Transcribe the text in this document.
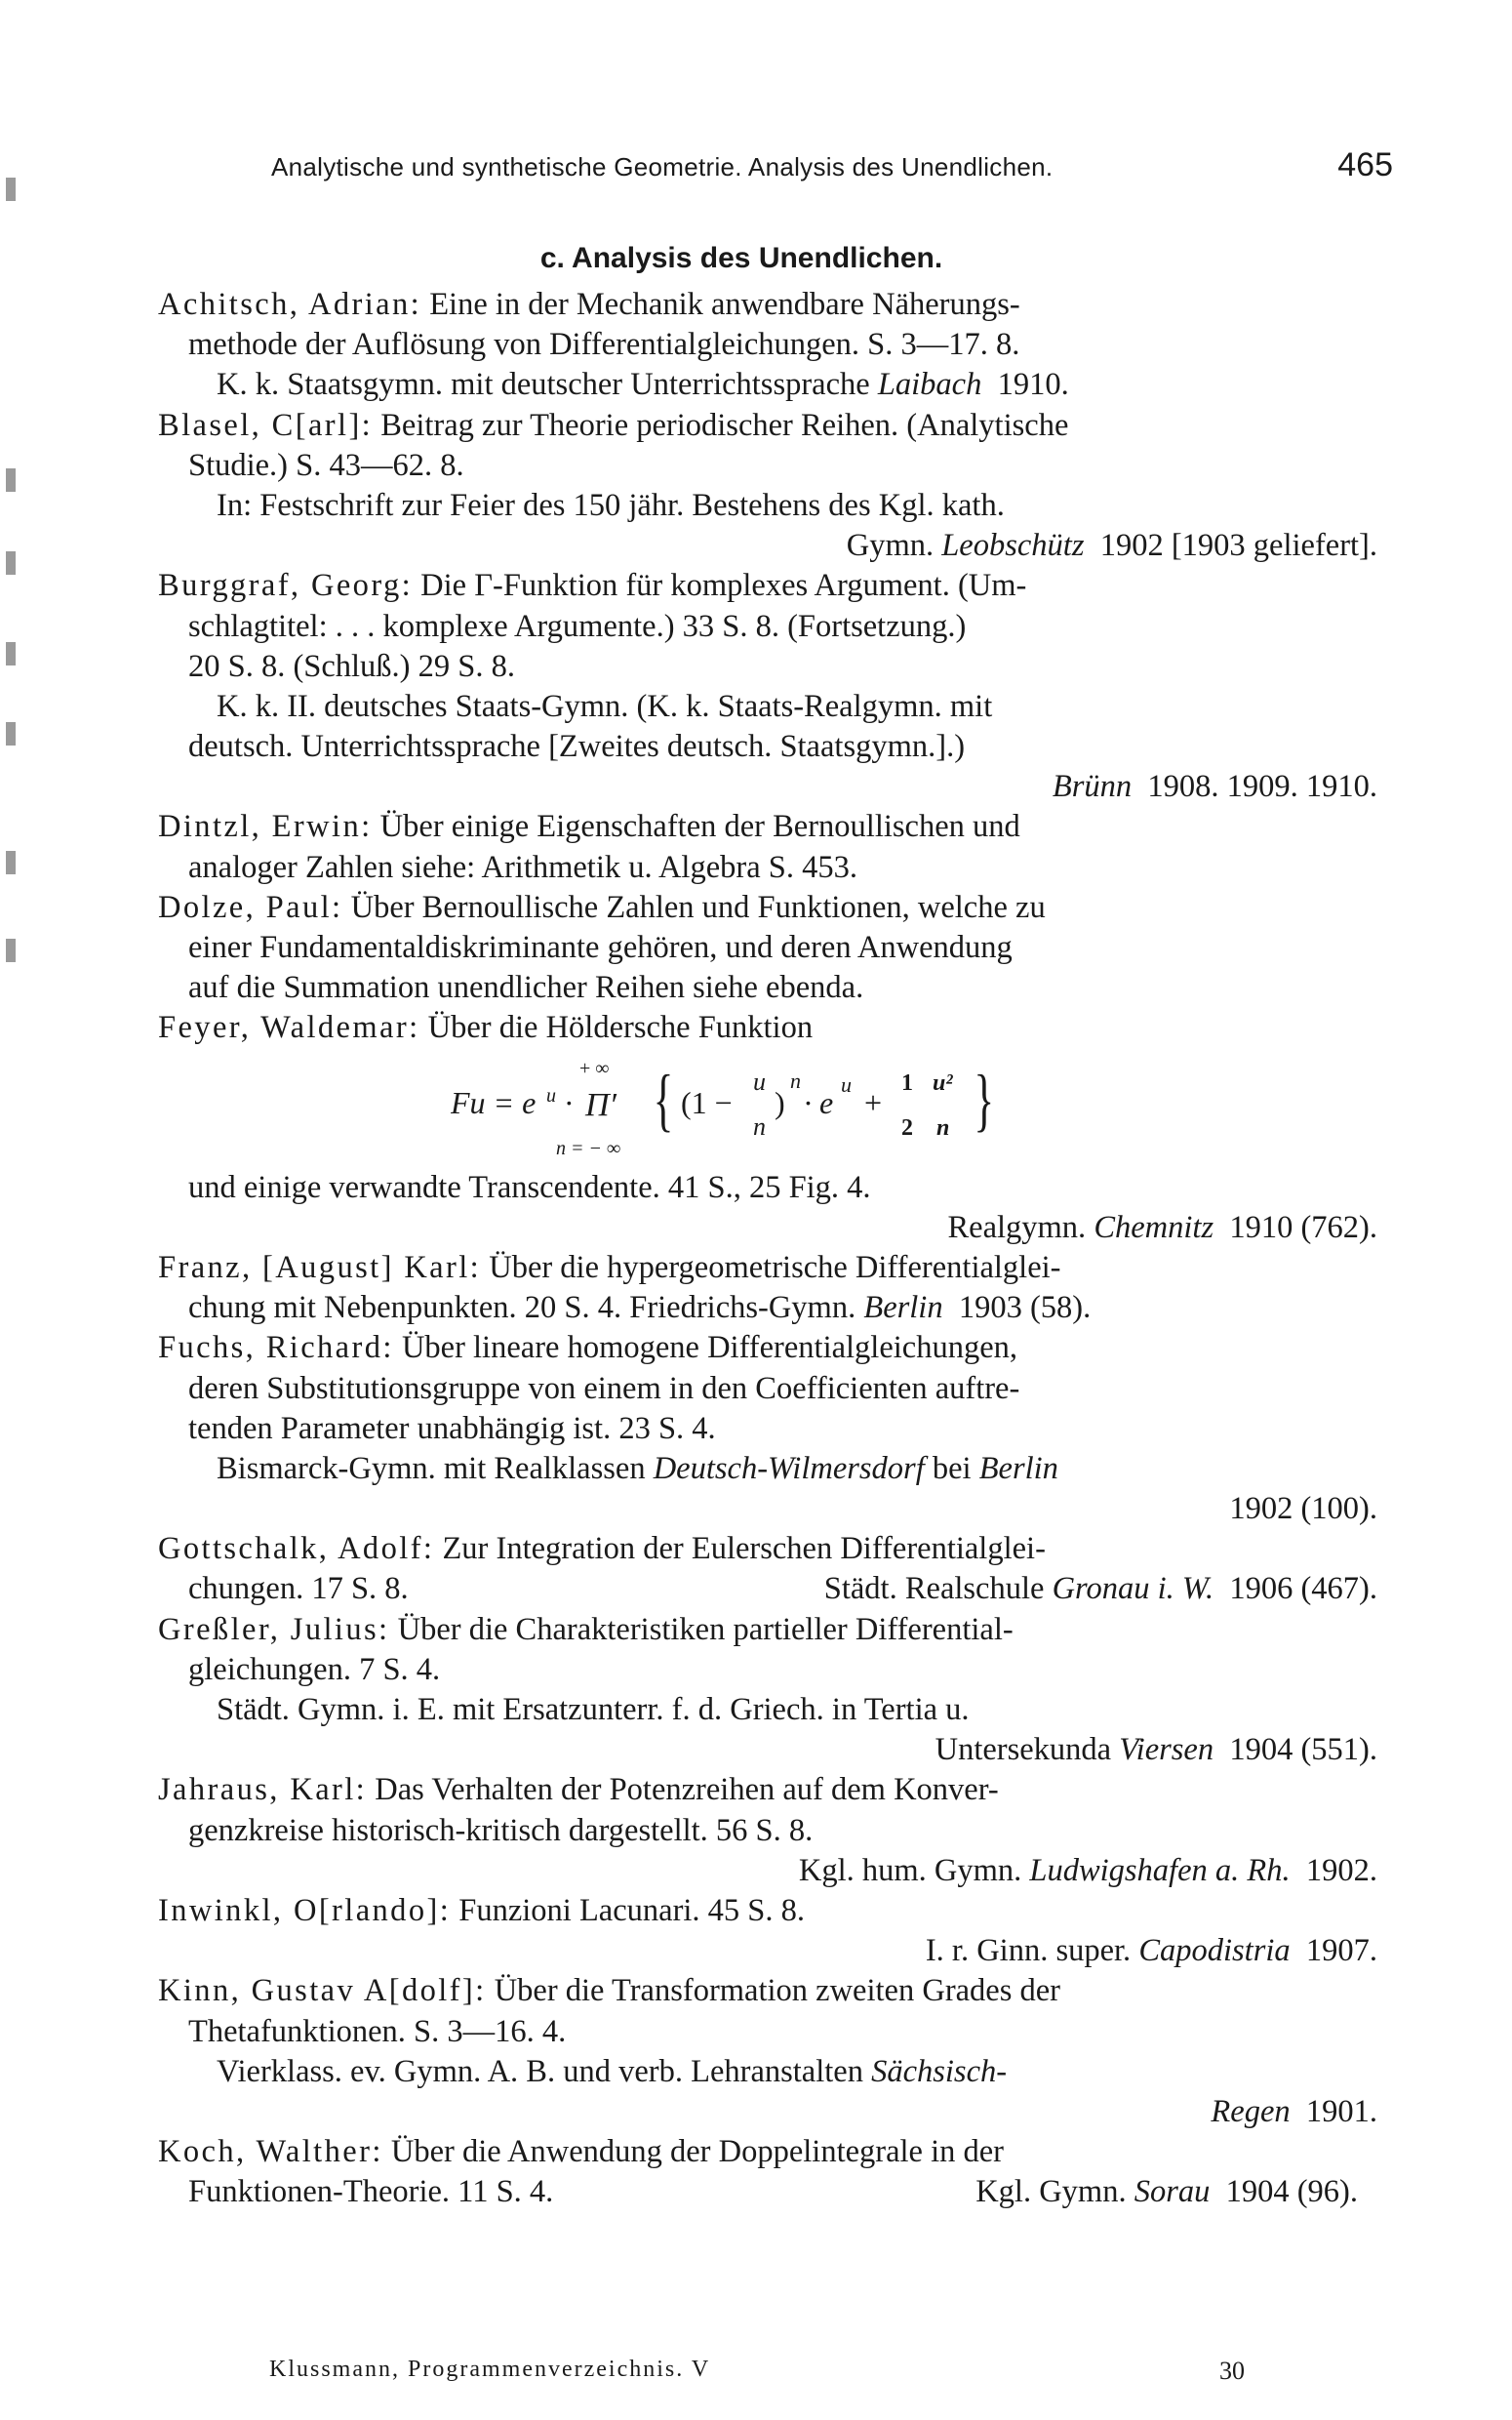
Analytische und synthetische Geometrie. Analysis des Unendlichen.	465
c. Analysis des Unendlichen.
Achitsch, Adrian: Eine in der Mechanik anwendbare Näherungs-
methode der Auflösung von Differentialgleichungen. S. 3—17. 8.
K. k. Staatsgymn. mit deutscher Unterrichtssprache Laibach 1910.
Blasel, C[arl]: Beitrag zur Theorie periodischer Reihen. (Analytische
Studie.) S. 43—62. 8.
In: Festschrift zur Feier des 150 jähr. Bestehens des Kgl. kath.
Gymn. Leobschütz 1902 [1903 geliefert].
Burggraf, Georg: Die Γ-Funktion für komplexes Argument. (Um-
schlagtitel: . . . komplexe Argumente.) 33 S. 8. (Fortsetzung.)
20 S. 8. (Schluß.) 29 S. 8.
K. k. II. deutsches Staats-Gymn. (K. k. Staats-Realgymn. mit
deutsch. Unterrichtssprache [Zweites deutsch. Staatsgymn.].)
Brünn 1908. 1909. 1910.
Dintzl, Erwin: Über einige Eigenschaften der Bernoullischen und
analoger Zahlen siehe: Arithmetik u. Algebra S. 453.
Dolze, Paul: Über Bernoullische Zahlen und Funktionen, welche zu
einer Fundamentaldiskriminante gehören, und deren Anwendung
auf die Summation unendlicher Reihen siehe ebenda.
Feyer, Waldemar: Über die Höldersche Funktion
Fu = e u ·
+ ∞
Π′
n = − ∞
{ (1 −
u
n
)
n
· e
u
+
1
2
u²
n }
und einige verwandte Transcendente. 41 S., 25 Fig. 4.
Realgymn. Chemnitz 1910 (762).
Franz, [August] Karl: Über die hypergeometrische Differentialglei-
chung mit Nebenpunkten. 20 S. 4. Friedrichs-Gymn. Berlin 1903 (58).
Fuchs, Richard: Über lineare homogene Differentialgleichungen,
deren Substitutionsgruppe von einem in den Coefficienten auftre-
tenden Parameter unabhängig ist. 23 S. 4.
Bismarck-Gymn. mit Realklassen Deutsch-Wilmersdorf bei Berlin
1902 (100).
Gottschalk, Adolf: Zur Integration der Eulerschen Differentialglei-
chungen. 17 S. 8.	Städt. Realschule Gronau i. W. 1906 (467).
Greßler, Julius: Über die Charakteristiken partieller Differential-
gleichungen. 7 S. 4.
Städt. Gymn. i. E. mit Ersatzunterr. f. d. Griech. in Tertia u.
Untersekunda Viersen 1904 (551).
Jahraus, Karl: Das Verhalten der Potenzreihen auf dem Konver-
genzkreise historisch-kritisch dargestellt. 56 S. 8.
Kgl. hum. Gymn. Ludwigshafen a. Rh. 1902.
Inwinkl, O[rlando]: Funzioni Lacunari. 45 S. 8.
I. r. Ginn. super. Capodistria 1907.
Kinn, Gustav A[dolf]: Über die Transformation zweiten Grades der
Thetafunktionen. S. 3—16. 4.
Vierklass. ev. Gymn. A. B. und verb. Lehranstalten Sächsisch-
Regen 1901.
Koch, Walther: Über die Anwendung der Doppelintegrale in der
Funktionen-Theorie. 11 S. 4.	Kgl. Gymn. Sorau 1904 (96).
Klussmann, Programmenverzeichnis. V	30
